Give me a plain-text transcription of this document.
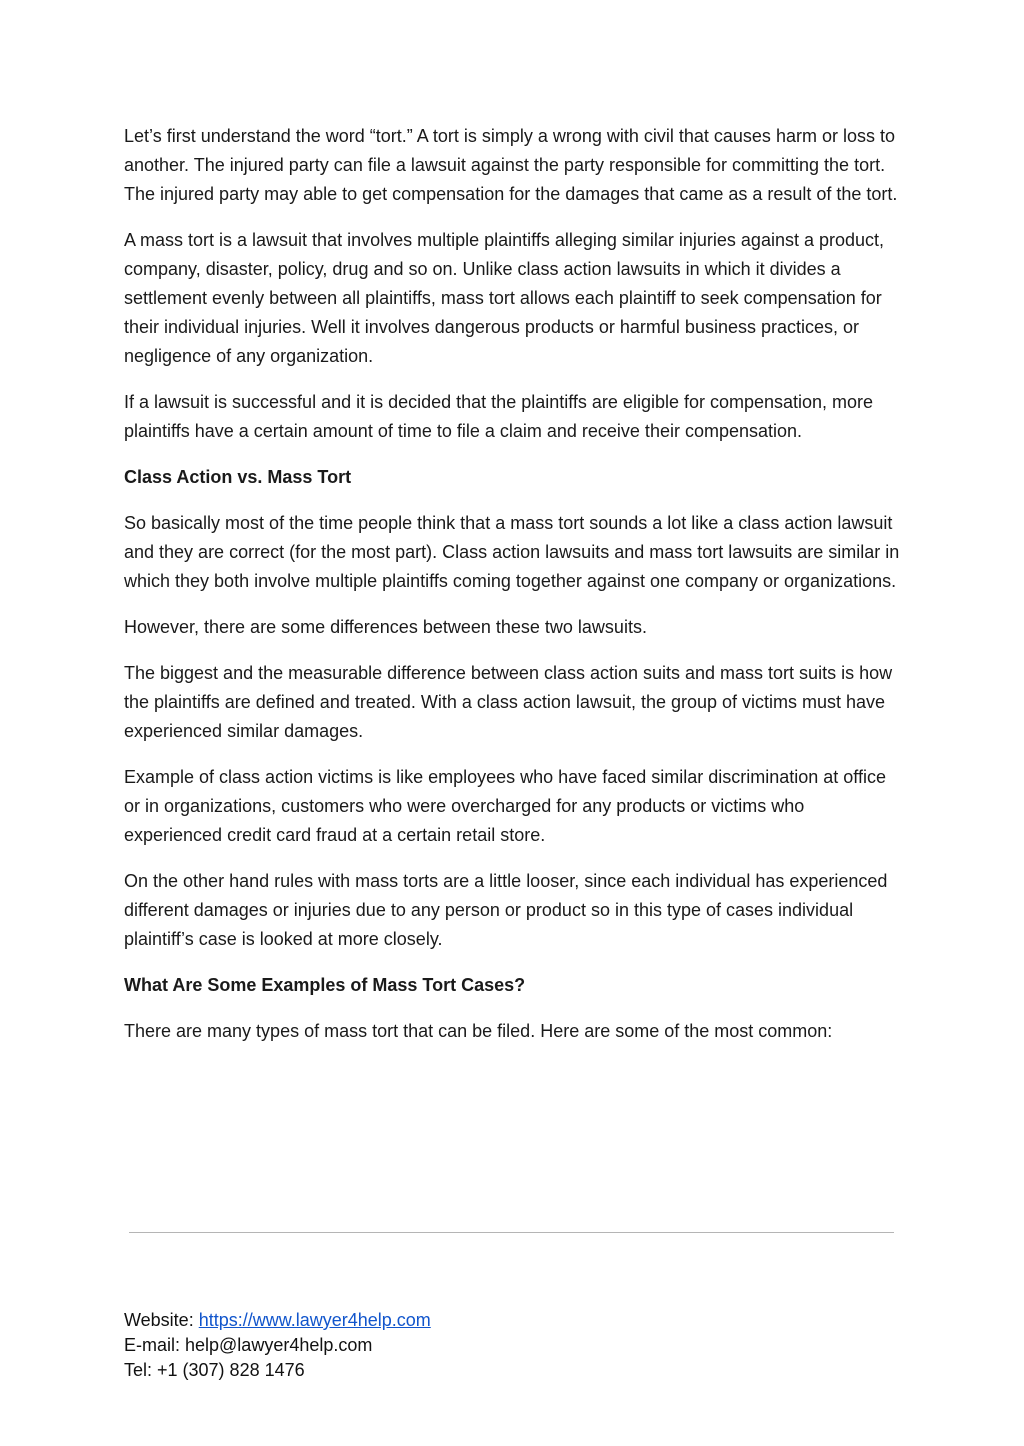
Let’s first understand the word “tort.” A tort is simply a wrong with civil that causes harm or loss to another. The injured party can file a lawsuit against the party responsible for committing the tort. The injured party may able to get compensation for the damages that came as a result of the tort.

A mass tort is a lawsuit that involves multiple plaintiffs alleging similar injuries against a product, company, disaster, policy, drug and so on. Unlike class action lawsuits in which it divides a settlement evenly between all plaintiffs, mass tort allows each plaintiff to seek compensation for their individual injuries. Well it involves dangerous products or harmful business practices, or negligence of any organization.

If a lawsuit is successful and it is decided that the plaintiffs are eligible for compensation, more plaintiffs have a certain amount of time to file a claim and receive their compensation.

Class Action vs. Mass Tort

So basically most of the time people think that a mass tort sounds a lot like a class action lawsuit and they are correct (for the most part). Class action lawsuits and mass tort lawsuits are similar in which they both involve multiple plaintiffs coming together against one company or organizations.

However, there are some differences between these two lawsuits.

The biggest and the measurable difference between class action suits and mass tort suits is how the plaintiffs are defined and treated. With a class action lawsuit, the group of victims must have experienced similar damages.

Example of class action victims is like employees who have faced similar discrimination at office or in organizations, customers who were overcharged for any products or victims who experienced credit card fraud at a certain retail store.

On the other hand rules with mass torts are a little looser, since each individual has experienced different damages or injuries due to any person or product so in this type of cases individual plaintiff’s case is looked at more closely.

What Are Some Examples of Mass Tort Cases?

There are many types of mass tort that can be filed. Here are some of the most common:

Website: https://www.lawyer4help.com
E-mail: help@lawyer4help.com
Tel: +1 (307) 828 1476
